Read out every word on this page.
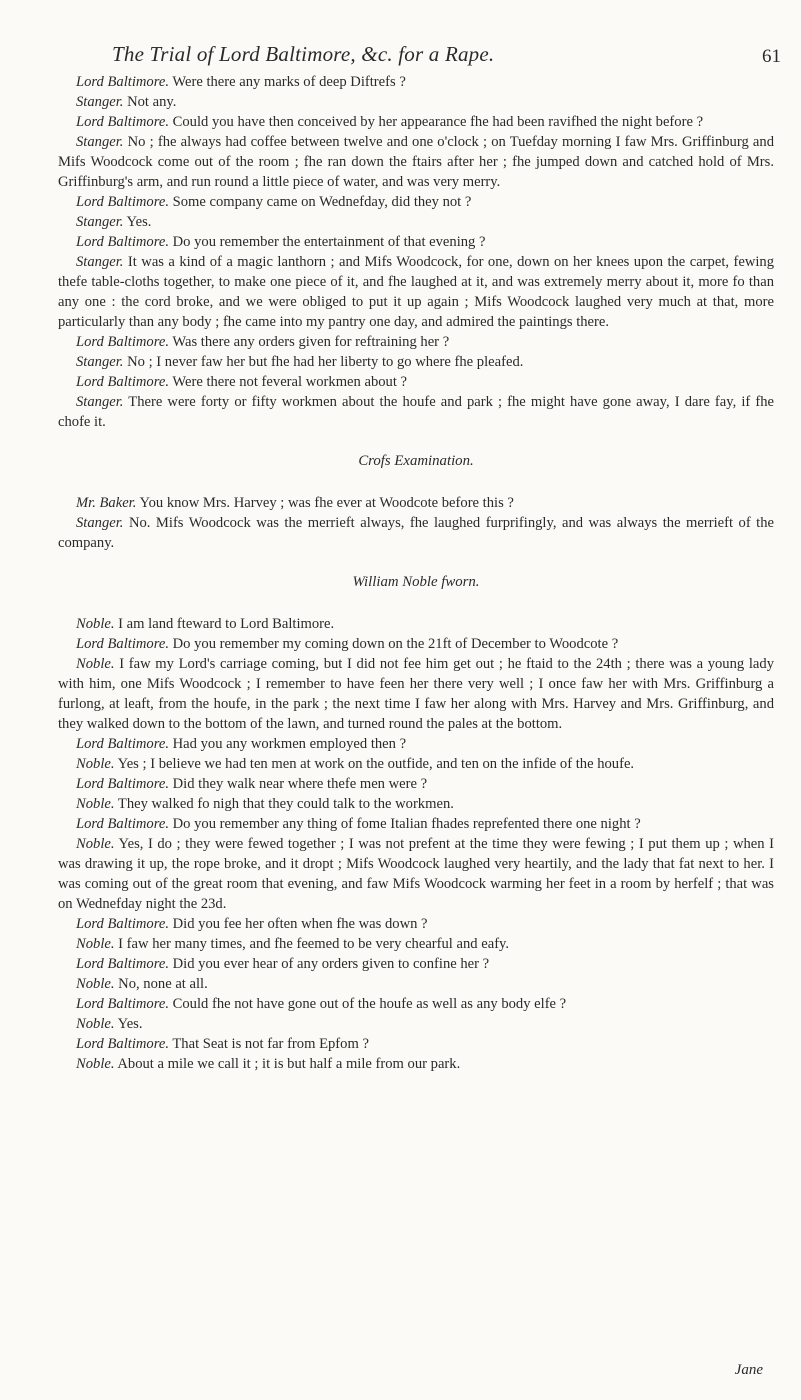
The Trial of Lord Baltimore, &c. for a Rape.	61

Lord Baltimore. Were there any marks of deep Diftrefs ?

Stanger. Not any.

Lord Baltimore. Could you have then conceived by her appearance fhe had been ravifhed the night before ?

Stanger. No ; fhe always had coffee between twelve and one o'clock ; on Tuefday morning I faw Mrs. Griffinburg and Mifs Woodcock come out of the room ; fhe ran down the ftairs after her ; fhe jumped down and catched hold of Mrs. Griffinburg's arm, and run round a little piece of water, and was very merry.

Lord Baltimore. Some company came on Wednefday, did they not ?

Stanger. Yes.

Lord Baltimore. Do you remember the entertainment of that evening ?

Stanger. It was a kind of a magic lanthorn ; and Mifs Woodcock, for one, down on her knees upon the carpet, fewing thefe table-cloths together, to make one piece of it, and fhe laughed at it, and was extremely merry about it, more fo than any one : the cord broke, and we were obliged to put it up again ; Mifs Woodcock laughed very much at that, more particularly than any body ; fhe came into my pantry one day, and admired the paintings there.

Lord Baltimore. Was there any orders given for reftraining her ?

Stanger. No ; I never faw her but fhe had her liberty to go where fhe pleafed.

Lord Baltimore. Were there not feveral workmen about ?

Stanger. There were forty or fifty workmen about the houfe and park ; fhe might have gone away, I dare fay, if fhe chofe it.

Crofs Examination.

Mr. Baker. You know Mrs. Harvey ; was fhe ever at Woodcote before this ?

Stanger. No. Mifs Woodcock was the merrieft always, fhe laughed furprifingly, and was always the merrieft of the company.

William Noble fworn.

Noble. I am land fteward to Lord Baltimore.

Lord Baltimore. Do you remember my coming down on the 21ft of December to Woodcote ?

Noble. I faw my Lord's carriage coming, but I did not fee him get out ; he ftaid to the 24th ; there was a young lady with him, one Mifs Woodcock ; I remember to have feen her there very well ; I once faw her with Mrs. Griffinburg a furlong, at leaft, from the houfe, in the park ; the next time I faw her along with Mrs. Harvey and Mrs. Griffinburg, and they walked down to the bottom of the lawn, and turned round the pales at the bottom.

Lord Baltimore. Had you any workmen employed then ?

Noble. Yes ; I believe we had ten men at work on the outfide, and ten on the infide of the houfe.

Lord Baltimore. Did they walk near where thefe men were ?

Noble. They walked fo nigh that they could talk to the workmen.

Lord Baltimore. Do you remember any thing of fome Italian fhades reprefented there one night ?

Noble. Yes, I do ; they were fewed together ; I was not prefent at the time they were fewing ; I put them up ; when I was drawing it up, the rope broke, and it dropt ; Mifs Woodcock laughed very heartily, and the lady that fat next to her. I was coming out of the great room that evening, and faw Mifs Woodcock warming her feet in a room by herfelf ; that was on Wednefday night the 23d.

Lord Baltimore. Did you fee her often when fhe was down ?

Noble. I faw her many times, and fhe feemed to be very chearful and eafy.

Lord Baltimore. Did you ever hear of any orders given to confine her ?

Noble. No, none at all.

Lord Baltimore. Could fhe not have gone out of the houfe as well as any body elfe ?

Noble. Yes.

Lord Baltimore. That Seat is not far from Epfom ?

Noble. About a mile we call it ; it is but half a mile from our park.

Jane
